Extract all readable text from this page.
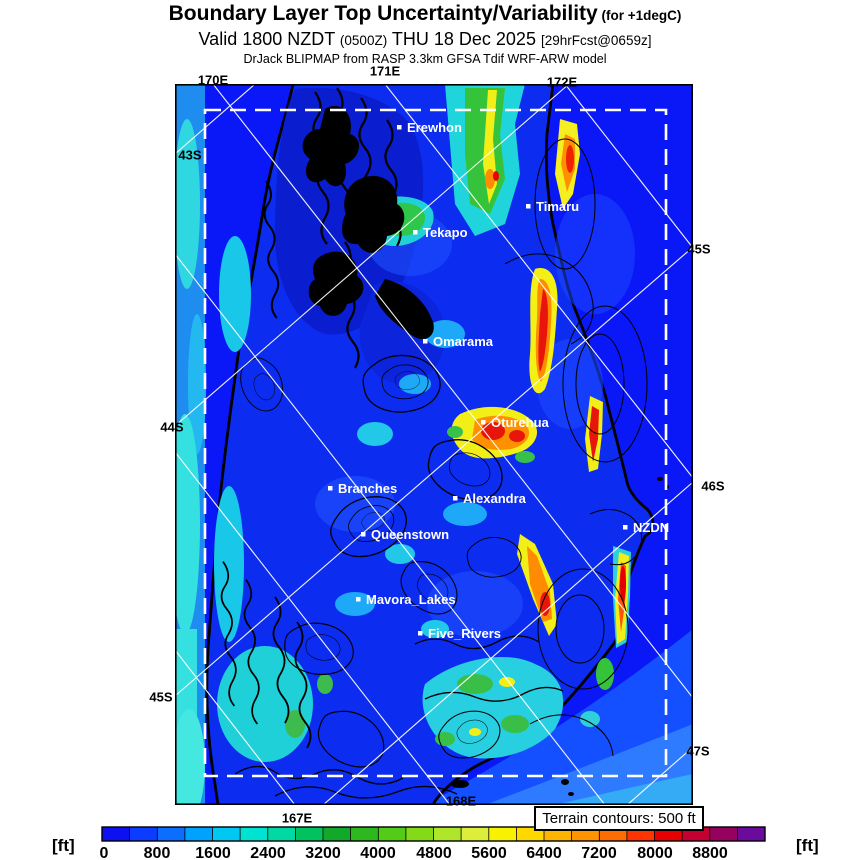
Boundary Layer Top Uncertainty/Variability (for +1degC)
Valid 1800 NZDT (0500Z) THU 18 Dec 2025 [29hrFcst@0659z]
DrJack BLIPMAP from RASP 3.3km GFSA Tdif WRF-ARW model
170E
171E
172E
43S
44S
45S
45S
46S
47S
167E
168E
Erewhon
Timaru
Tekapo
Omarama
Oturehua
Branches
Alexandra
Queenstown	NZDN
Mavora_Lakes
Five_Rivers
Terrain contours: 500 ft
[ft]	[ft]
0 800 1600 2400 3200 4000 4800 5600 6400 7200 8000 8800
